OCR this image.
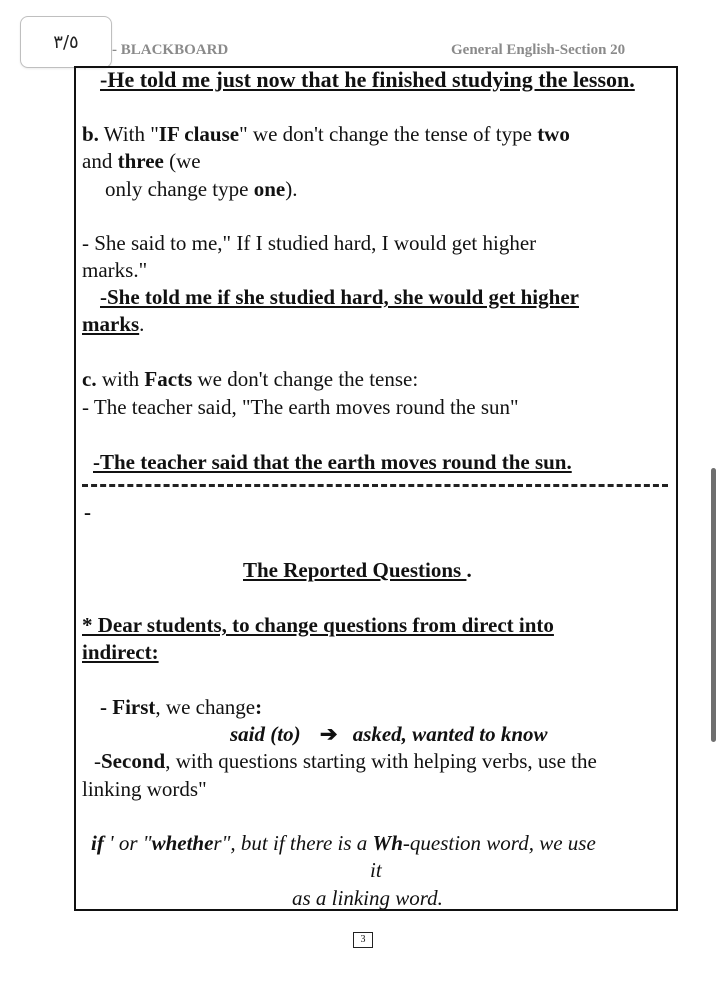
٣/٥ - BLACKBOARD	General English-Section 20
-He told me just now that he finished studying the lesson.
b. With "IF clause" we don't change the tense of type two
and three (we
only change type one).
- She said to me," If I studied hard, I would get higher
marks."
-She told me if she studied hard, she would get higher
marks.
c. with Facts we don't change the tense:
- The teacher said, "The earth moves round the sun"
-The teacher said that the earth moves round the sun.
-
The Reported Questions .
* Dear students, to change questions from direct into
indirect:
- First, we change:
said (to) ➔ asked, wanted to know
-Second, with questions starting with helping verbs, use the
linking words"
if ' or "whether", but if there is a Wh-question word, we use
it
as a linking word.
3
